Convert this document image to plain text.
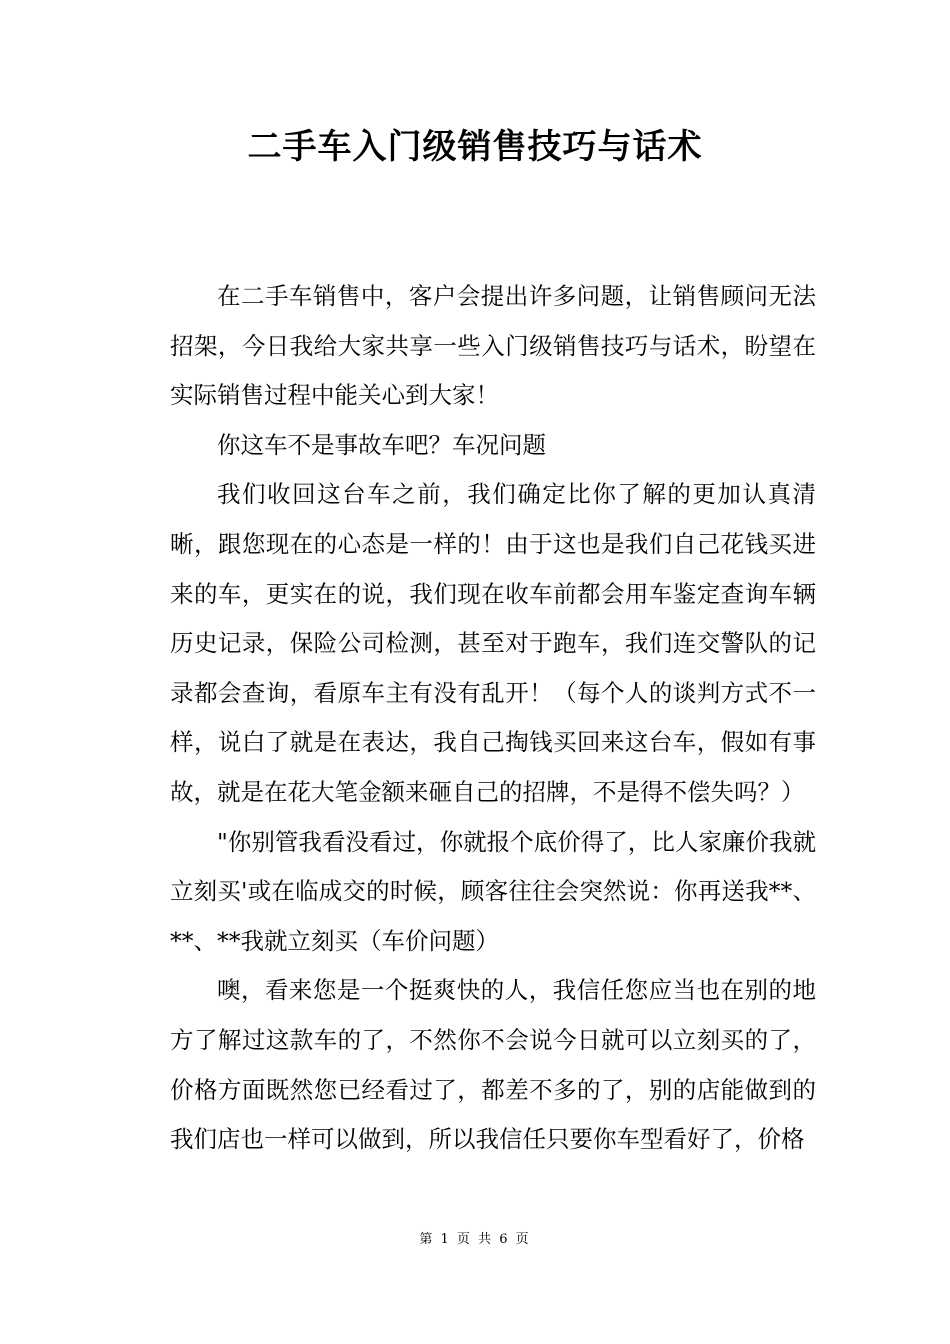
二手车入门级销售技巧与话术

在二手车销售中，客户会提出许多问题，让销售顾问无法招架，今日我给大家共享一些入门级销售技巧与话术，盼望在实际销售过程中能关心到大家！

你这车不是事故车吧？车况问题

我们收回这台车之前，我们确定比你了解的更加认真清晰，跟您现在的心态是一样的！由于这也是我们自己花钱买进来的车，更实在的说，我们现在收车前都会用车鉴定查询车辆历史记录，保险公司检测，甚至对于跑车，我们连交警队的记录都会查询，看原车主有没有乱开！（每个人的谈判方式不一样，说白了就是在表达，我自己掏钱买回来这台车，假如有事故，就是在花大笔金额来砸自己的招牌，不是得不偿失吗？）

"你别管我看没看过，你就报个底价得了，比人家廉价我就立刻买'或在临成交的时候，顾客往往会突然说：你再送我**、**、**我就立刻买（车价问题）

噢，看来您是一个挺爽快的人，我信任您应当也在别的地方了解过这款车的了，不然你不会说今日就可以立刻买的了，价格方面既然您已经看过了，都差不多的了，别的店能做到的我们店也一样可以做到，所以我信任只要你车型看好了，价格

第 1 页 共 6 页
